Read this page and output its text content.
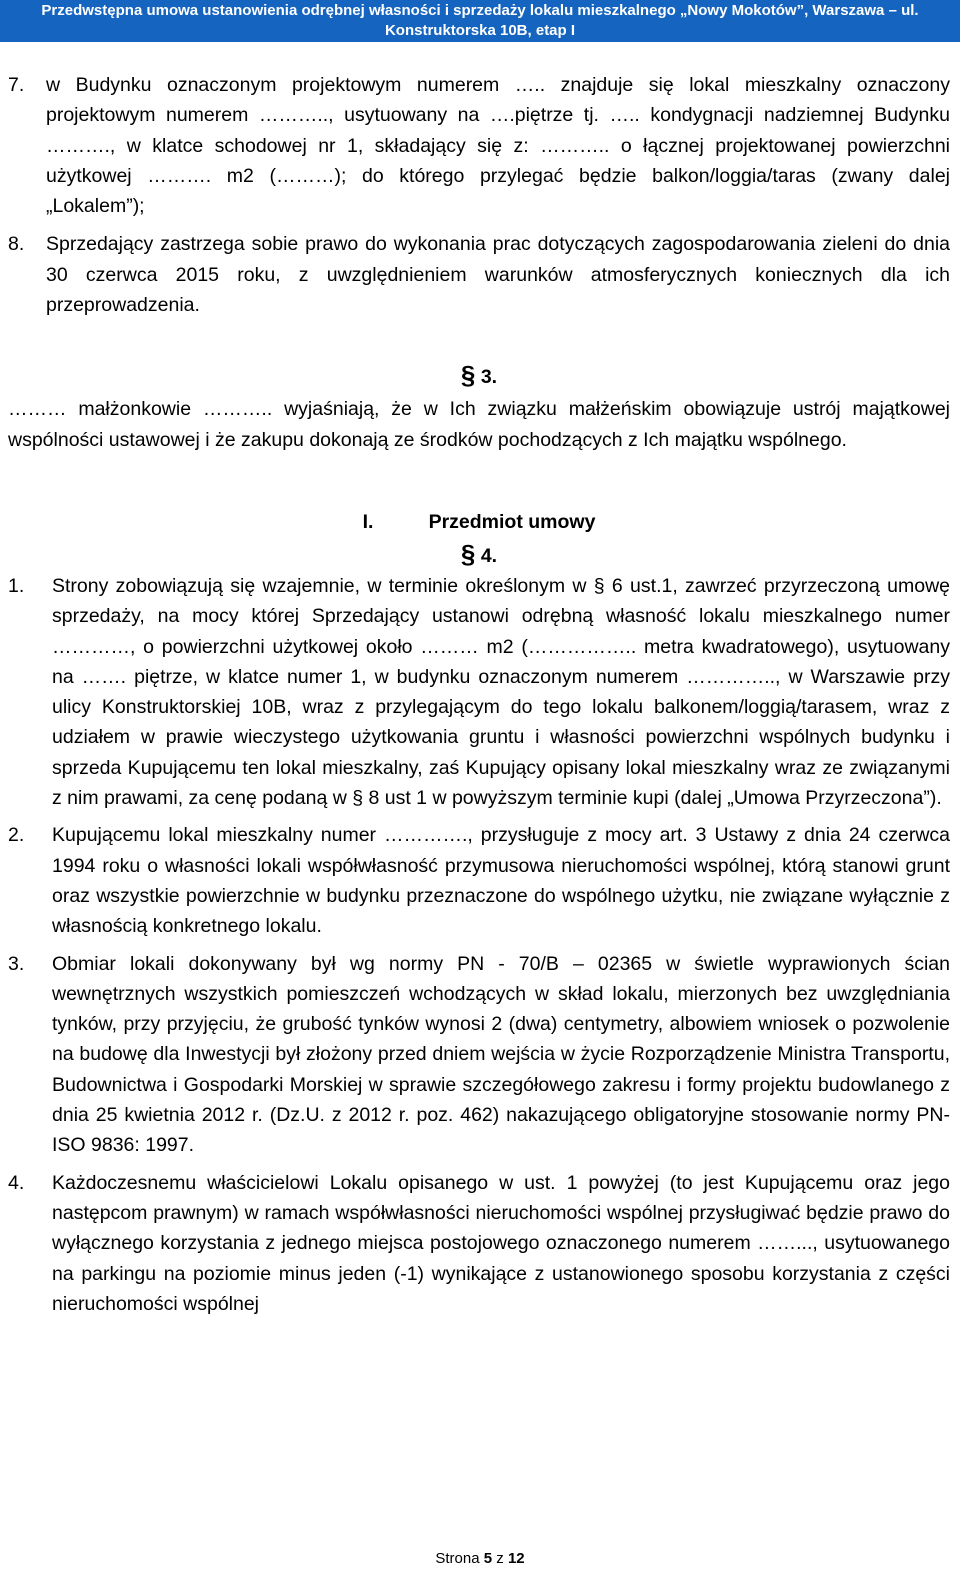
Przedwstępna umowa ustanowienia odrębnej własności i sprzedaży lokalu mieszkalnego „Nowy Mokotów”, Warszawa – ul.
Konstruktorska 10B, etap I
7.	w Budynku oznaczonym projektowym numerem ….. znajduje się lokal mieszkalny oznaczony projektowym numerem ……….., usytuowany na ….piętrze tj. ….. kondygnacji nadziemnej Budynku ………., w klatce schodowej nr 1, składający się z: ……….. o łącznej projektowanej powierzchni użytkowej ………. m2 (………); do którego przylegać będzie balkon/loggia/taras (zwany dalej „Lokalem”);
8.	Sprzedający zastrzega sobie prawo do wykonania prac dotyczących zagospodarowania zieleni do dnia 30 czerwca 2015 roku, z uwzględnieniem warunków atmosferycznych koniecznych dla ich przeprowadzenia.
§ 3.
……… małżonkowie ……….. wyjaśniają, że w Ich związku małżeńskim obowiązuje ustrój majątkowej wspólności ustawowej i że zakupu dokonają ze środków pochodzących z Ich majątku wspólnego.
I.	Przedmiot umowy
§ 4.
1.	Strony zobowiązują się wzajemnie, w terminie określonym w § 6 ust.1, zawrzeć przyrzeczoną umowę sprzedaży, na mocy której Sprzedający ustanowi odrębną własność lokalu mieszkalnego numer …………, o powierzchni użytkowej około ……… m2 (…………….. metra kwadratowego), usytuowany na ……. piętrze, w klatce numer 1, w budynku oznaczonym numerem ………….., w Warszawie przy ulicy Konstruktorskiej 10B, wraz z przylegającym do tego lokalu balkonem/loggią/tarasem, wraz z udziałem w prawie wieczystego użytkowania gruntu i własności powierzchni wspólnych budynku i sprzeda Kupującemu ten lokal mieszkalny, zaś Kupujący opisany lokal mieszkalny wraz ze związanymi z nim prawami, za cenę podaną w § 8 ust 1 w powyższym terminie kupi (dalej „Umowa Przyrzeczona”).
2.	Kupującemu lokal mieszkalny numer …………., przysługuje z mocy art. 3 Ustawy z dnia 24 czerwca 1994 roku o własności lokali współwłasność przymusowa nieruchomości wspólnej, którą stanowi grunt oraz wszystkie powierzchnie w budynku przeznaczone do wspólnego użytku, nie związane wyłącznie z własnością konkretnego lokalu.
3.	Obmiar lokali dokonywany był wg normy PN - 70/B – 02365 w świetle wyprawionych ścian wewnętrznych wszystkich pomieszczeń wchodzących w skład lokalu, mierzonych bez uwzględniania tynków, przy przyjęciu, że grubość tynków wynosi 2 (dwa) centymetry, albowiem wniosek o pozwolenie na budowę dla Inwestycji był złożony przed dniem wejścia w życie Rozporządzenie Ministra Transportu, Budownictwa i Gospodarki Morskiej w sprawie szczegółowego zakresu i formy projektu budowlanego z dnia 25 kwietnia 2012 r. (Dz.U. z 2012 r. poz. 462) nakazującego obligatoryjne stosowanie normy PN-ISO 9836: 1997.
4.	Każdoczesnemu właścicielowi Lokalu opisanego w ust. 1 powyżej (to jest Kupującemu oraz jego następcom prawnym) w ramach współwłasności nieruchomości wspólnej przysługiwać będzie prawo do wyłącznego korzystania z jednego miejsca postojowego oznaczonego numerem ……..., usytuowanego na parkingu na poziomie minus jeden (-1) wynikające z ustanowionego sposobu korzystania z części nieruchomości wspólnej
Strona 5 z 12
